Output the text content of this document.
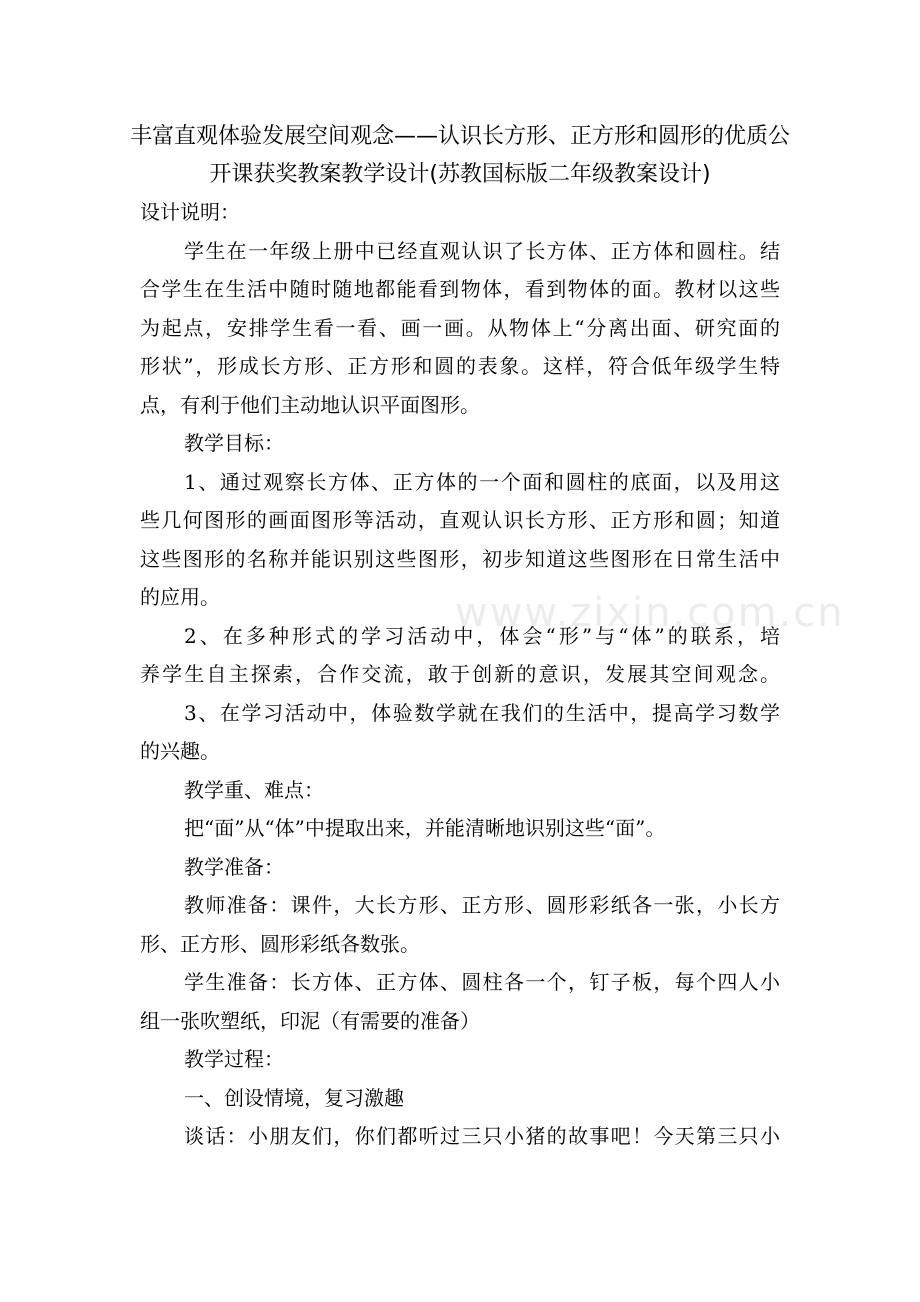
丰富直观体验发展空间观念——认识长方形、正方形和圆形的优质公
开课获奖教案教学设计(苏教国标版二年级教案设计)
设计说明：
学生在一年级上册中已经直观认识了长方体、正方体和圆柱。结
合学生在生活中随时随地都能看到物体，看到物体的面。教材以这些
为起点，安排学生看一看、画一画。从物体上“分离出面、研究面的
形状”，形成长方形、正方形和圆的表象。这样，符合低年级学生特
点，有利于他们主动地认识平面图形。
教学目标：
1、通过观察长方体、正方体的一个面和圆柱的底面，以及用这
些几何图形的画面图形等活动，直观认识长方形、正方形和圆；知道
这些图形的名称并能识别这些图形，初步知道这些图形在日常生活中
的应用。
2、在多种形式的学习活动中，体会“形”与“体”的联系，培
养学生自主探索，合作交流，敢于创新的意识，发展其空间观念。
3、在学习活动中，体验数学就在我们的生活中，提高学习数学
的兴趣。
教学重、难点：
把“面”从“体”中提取出来，并能清晰地识别这些“面”。
教学准备：
教师准备：课件，大长方形、正方形、圆形彩纸各一张，小长方
形、正方形、圆形彩纸各数张。
学生准备：长方体、正方体、圆柱各一个，钉子板，每个四人小
组一张吹塑纸，印泥（有需要的准备）
教学过程：
一、创设情境，复习激趣
谈话：小朋友们，你们都听过三只小猪的故事吧！今天第三只小
www.zixin.com.cn
